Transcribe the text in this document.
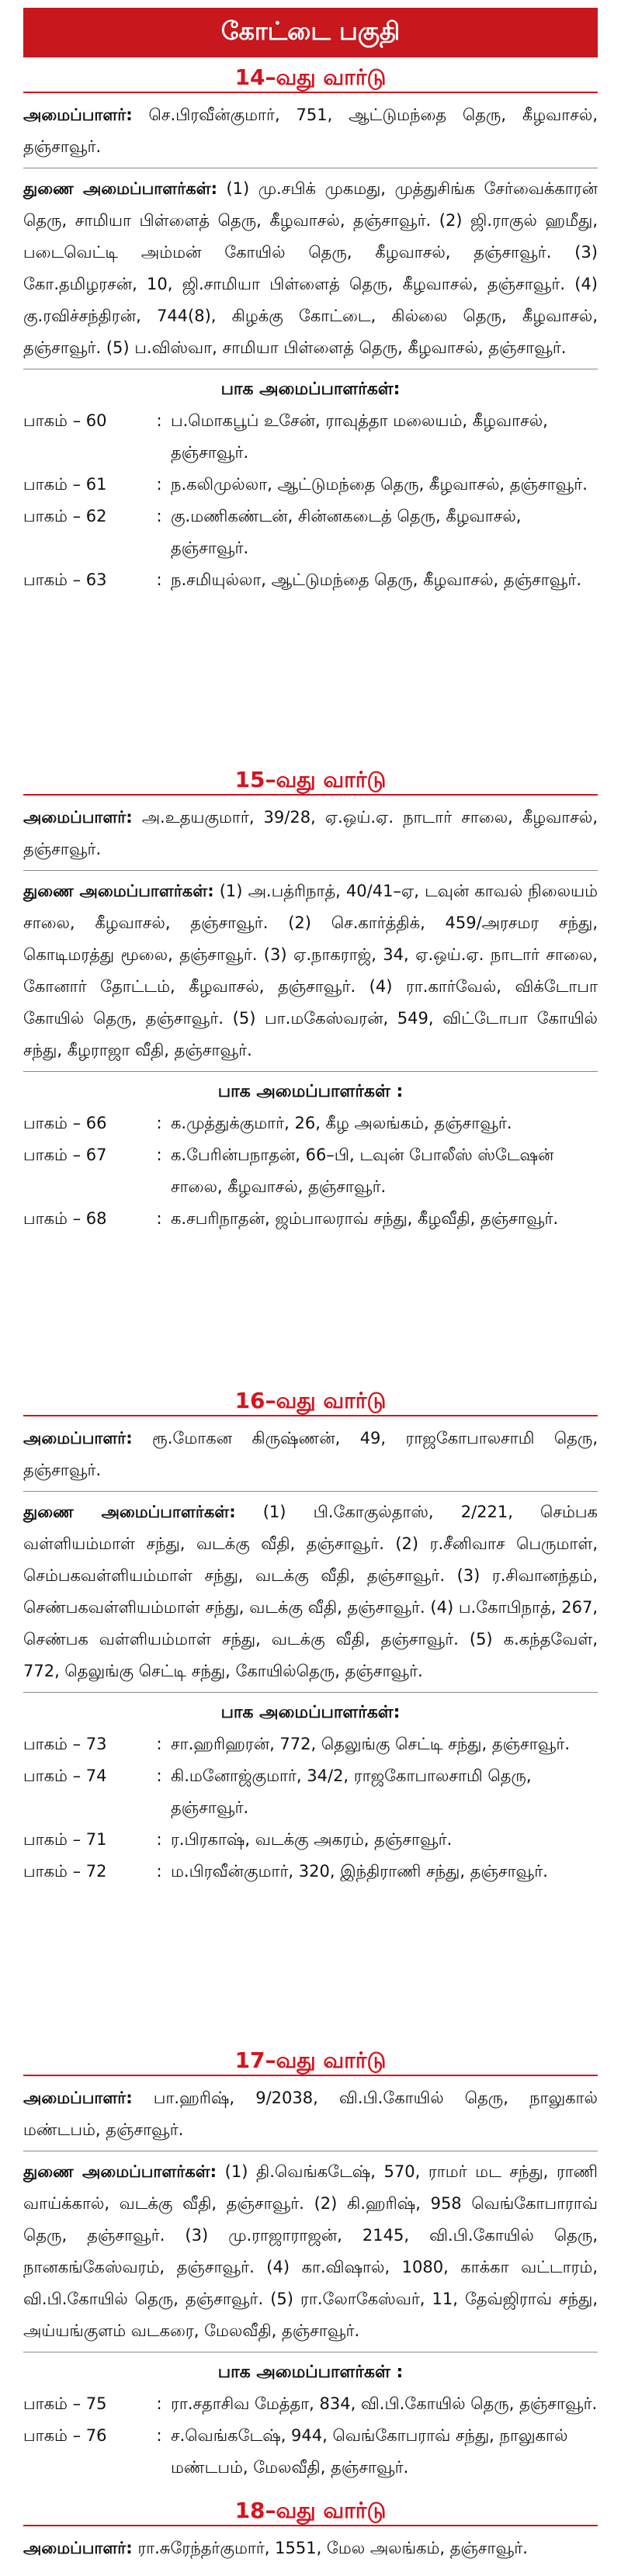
கோட்டை பகுதி
14–வது வார்டு

அமைப்பாளர்: செ.பிரவீன்குமார், 751, ஆட்டுமந்தை தெரு, கீழவாசல், தஞ்சாவூர்.

துணை அமைப்பாளர்கள்: (1) மு.சபிக் முகமது, முத்துசிங்க சேர்வைக்காரன் தெரு, சாமியா பிள்ளைத் தெரு, கீழவாசல், தஞ்சாவூர். (2) ஜி.ராகுல் ஹமீது, படைவெட்டி அம்மன் கோயில் தெரு, கீழவாசல், தஞ்சாவூர். (3) கோ.தமிழரசன், 10, ஜி.சாமியா பிள்ளைத் தெரு, கீழவாசல், தஞ்சாவூர். (4) கு.ரவிச்சந்திரன், 744(8), கிழக்கு கோட்டை, கில்லை தெரு, கீழவாசல், தஞ்சாவூர். (5) ப.விஸ்வா, சாமியா பிள்ளைத் தெரு, கீழவாசல், தஞ்சாவூர்.

பாக அமைப்பாளர்கள்:
பாகம் – 60	: ப.மொகபூப் உசேன், ராவுத்தா மலையம், கீழவாசல், தஞ்சாவூர்.
பாகம் – 61	: ந.கலிமுல்லா, ஆட்டுமந்தை தெரு, கீழவாசல், தஞ்சாவூர்.
பாகம் – 62	: கு.மணிகண்டன், சின்னகடைத் தெரு, கீழவாசல், தஞ்சாவூர்.
பாகம் – 63	: ந.சமியுல்லா, ஆட்டுமந்தை தெரு, கீழவாசல், தஞ்சாவூர்.
15–வது வார்டு

அமைப்பாளர்: அ.உதயகுமார், 39/28, ஏ.ஒய்.ஏ. நாடார் சாலை, கீழவாசல், தஞ்சாவூர்.

துணை அமைப்பாளர்கள்: (1) அ.பத்ரிநாத், 40/41–ஏ, டவுன் காவல் நிலையம் சாலை, கீழவாசல், தஞ்சாவூர். (2) செ.கார்த்திக், 459/அரசமர சந்து, கொடிமரத்து மூலை, தஞ்சாவூர். (3) ஏ.நாகராஜ், 34, ஏ.ஒய்.ஏ. நாடார் சாலை, கோனார் தோட்டம், கீழவாசல், தஞ்சாவூர். (4) ரா.கார்வேல், விக்டோபா கோயில் தெரு, தஞ்சாவூர். (5) பா.மகேஸ்வரன், 549, விட்டோபா கோயில் சந்து, கீழராஜா வீதி, தஞ்சாவூர்.

பாக அமைப்பாளர்கள் :
பாகம் – 66	: க.முத்துக்குமார், 26, கீழ அலங்கம், தஞ்சாவூர்.
பாகம் – 67	: க.பேரின்பநாதன், 66–பி, டவுன் போலீஸ் ஸ்டேஷன் சாலை, கீழவாசல், தஞ்சாவூர்.
பாகம் – 68	: க.சபரிநாதன், ஜம்பாலராவ் சந்து, கீழவீதி, தஞ்சாவூர்.
16–வது வார்டு

அமைப்பாளர்: ரூ.மோகன கிருஷ்ணன், 49, ராஜகோபாலசாமி தெரு, தஞ்சாவூர்.

துணை அமைப்பாளர்கள்: (1) பி.கோகுல்தாஸ், 2/221, செம்பக வள்ளியம்மாள் சந்து, வடக்கு வீதி, தஞ்சாவூர். (2) ர.சீனிவாச பெருமாள், செம்பகவள்ளியம்மாள் சந்து, வடக்கு வீதி, தஞ்சாவூர். (3) ர.சிவானந்தம், செண்பகவள்ளியம்மாள் சந்து, வடக்கு வீதி, தஞ்சாவூர். (4) ப.கோபிநாத், 267, செண்பக வள்ளியம்மாள் சந்து, வடக்கு வீதி, தஞ்சாவூர். (5) க.கந்தவேள், 772, தெலுங்கு செட்டி சந்து, கோயில்தெரு, தஞ்சாவூர்.

பாக அமைப்பாளர்கள்:
பாகம் – 73	: சா.ஹரிஹரன், 772, தெலுங்கு செட்டி சந்து, தஞ்சாவூர்.
பாகம் – 74	: கி.மனோஜ்குமார், 34/2, ராஜகோபாலசாமி தெரு, தஞ்சாவூர்.
பாகம் – 71	: ர.பிரகாஷ், வடக்கு அகரம், தஞ்சாவூர்.
பாகம் – 72	: ம.பிரவீன்குமார், 320, இந்திராணி சந்து, தஞ்சாவூர்.
17–வது வார்டு

அமைப்பாளர்: பா.ஹரிஷ், 9/2038, வி.பி.கோயில் தெரு, நாலுகால் மண்டபம், தஞ்சாவூர்.

துணை அமைப்பாளர்கள்: (1) தி.வெங்கடேஷ், 570, ராமர் மட சந்து, ராணி வாய்க்கால், வடக்கு வீதி, தஞ்சாவூர். (2) கி.ஹரிஷ், 958 வெங்கோபாராவ் தெரு, தஞ்சாவூர். (3) மு.ராஜாராஜன், 2145, வி.பி.கோயில் தெரு, நானகங்கேஸ்வரம், தஞ்சாவூர். (4) கா.விஷால், 1080, காக்கா வட்டாரம், வி.பி.கோயில் தெரு, தஞ்சாவூர். (5) ரா.லோகேஸ்வர், 11, தேவ்ஜிராவ் சந்து, அய்யங்குளம் வடகரை, மேலவீதி, தஞ்சாவூர்.

பாக அமைப்பாளர்கள் :
பாகம் – 75	: ரா.சதாசிவ மேத்தா, 834, வி.பி.கோயில் தெரு, தஞ்சாவூர்.
பாகம் – 76	: ச.வெங்கடேஷ், 944, வெங்கோபராவ் சந்து, நாலுகால் மண்டபம், மேலவீதி, தஞ்சாவூர்.
18–வது வார்டு

அமைப்பாளர்: ரா.சுரேந்தர்குமார், 1551, மேல அலங்கம், தஞ்சாவூர்.
